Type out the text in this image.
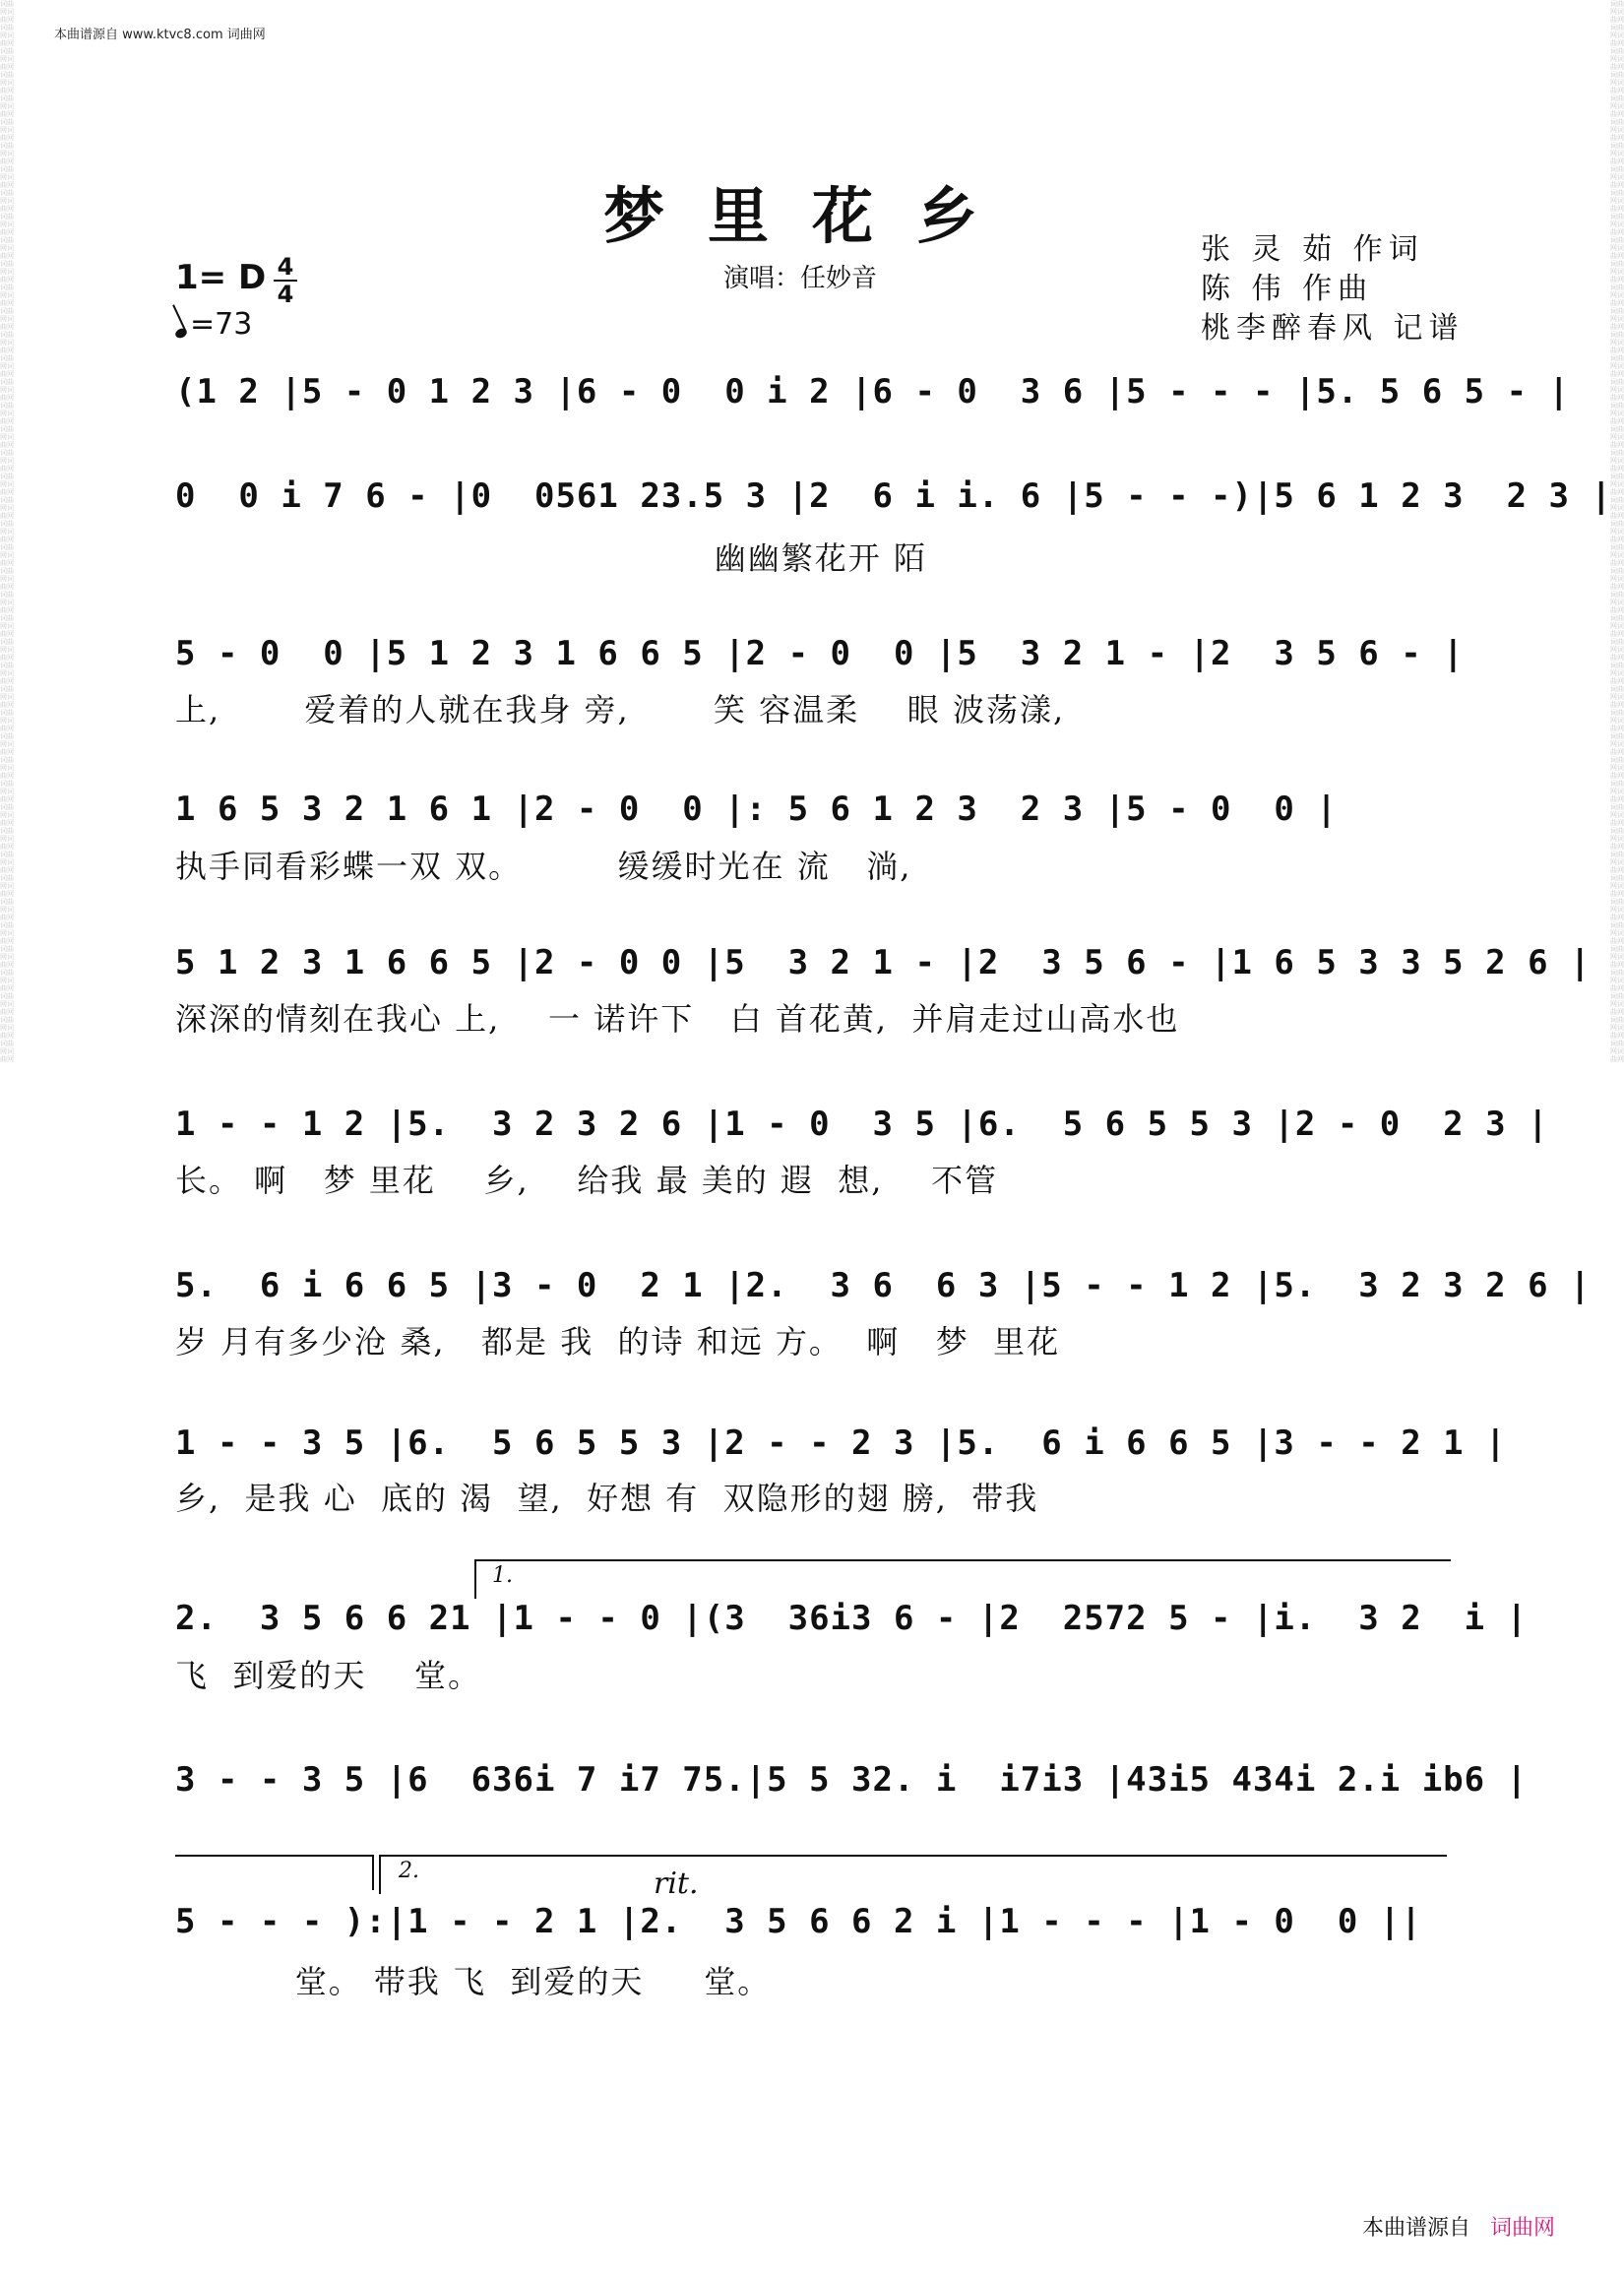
词曲网词曲网词曲网词曲网词曲网词曲网词曲网词曲网词曲网词曲网词曲网词曲网词曲网词曲网词曲网词曲网词曲网词曲网词曲网词曲网词曲网词曲网词曲网词曲网词曲网词曲网词曲网词曲网词曲网词曲网词曲网词曲网词曲网词曲网词曲网词曲网词曲网词曲网词曲网词曲网词曲网词曲网词曲网词曲网词曲网词曲网词曲网词曲网词曲网词曲网词曲网词曲网词曲网词曲网词曲网词曲网词曲网词曲网词曲网词曲网词曲网词曲网词曲网词曲网词曲网词曲网词曲网词曲网词曲网词曲网词曲网词曲网词曲网词曲网词曲网词曲网词曲网词曲网词曲网词曲网词曲网词曲网词曲网词曲网词曲网词曲网词曲网词曲网词曲网词曲网
词曲网词曲网词曲网词曲网词曲网词曲网词曲网词曲网词曲网词曲网词曲网词曲网词曲网词曲网词曲网词曲网词曲网词曲网词曲网词曲网词曲网词曲网词曲网词曲网词曲网词曲网词曲网词曲网词曲网词曲网词曲网词曲网词曲网词曲网词曲网词曲网词曲网词曲网词曲网词曲网词曲网词曲网词曲网词曲网词曲网词曲网词曲网词曲网词曲网词曲网词曲网词曲网词曲网词曲网词曲网词曲网词曲网词曲网词曲网词曲网词曲网词曲网词曲网词曲网词曲网词曲网词曲网词曲网词曲网词曲网词曲网词曲网词曲网词曲网词曲网词曲网词曲网词曲网词曲网词曲网词曲网词曲网词曲网词曲网词曲网词曲网词曲网词曲网词曲网词曲网
本曲谱源自 www.ktvc8.com 词曲网
梦里花乡
演唱：任妙音
张 灵 茹 作词
陈 伟 作曲
桃李醉春风 记谱
1= D 4
4
=73
(1 2 |5 - 0 1 2 3 |6 - 0  0 i 2 |6 - 0  3 6 |5 - - - |5. 5 6 5 - |
0  0 i 7 6 - |0  0561 23.5 3 |2  6 i i. 6 |5 - - -)|5 6 1 2 3  2 3 |
幽幽繁花开 陌
5 - 0  0 |5 1 2 3 1 6 6 5 |2 - 0  0 |5  3 2 1 - |2  3 5 6 - |
上,       爱着的人就在我身 旁,       笑 容温柔    眼 波荡漾,
1 6 5 3 2 1 6 1 |2 - 0  0 |: 5 6 1 2 3  2 3 |5 - 0  0 |
执手同看彩蝶一双 双。        缓缓时光在 流   淌,
5 1 2 3 1 6 6 5 |2 - 0 0 |5  3 2 1 - |2  3 5 6 - |1 6 5 3 3 5 2 6 |
深深的情刻在我心 上,    一 诺许下   白 首花黄,  并肩走过山高水也
1 - - 1 2 |5.  3 2 3 2 6 |1 - 0  3 5 |6.  5 6 5 5 3 |2 - 0  2 3 |
长。 啊   梦 里花    乡,    给我 最 美的 遐  想,    不管
5.  6 i 6 6 5 |3 - 0  2 1 |2.  3 6  6 3 |5 - - 1 2 |5.  3 2 3 2 6 |
岁 月有多少沧 桑,   都是 我  的诗 和远 方。  啊   梦  里花
1 - - 3 5 |6.  5 6 5 5 3 |2 - - 2 3 |5.  6 i 6 6 5 |3 - - 2 1 |
乡,  是我 心  底的 渴  望,  好想 有  双隐形的翅 膀,  带我
1.
2.  3 5 6 6 21 |1 - - 0 |(3  36i3 6 - |2  2572 5 - |i.  3 2  i |
飞  到爱的天    堂。
3 - - 3 5 |6  636i 7 i7 75.|5 5 32. i  i7i3 |43i5 434i 2.i ib6 |
2.	rit.
5 - - - ):|1 - - 2 1 |2.  3 5 6 6 2 i |1 - - - |1 - 0  0 ||
堂。 带我 飞  到爱的天     堂。
本曲谱源自 词曲网
